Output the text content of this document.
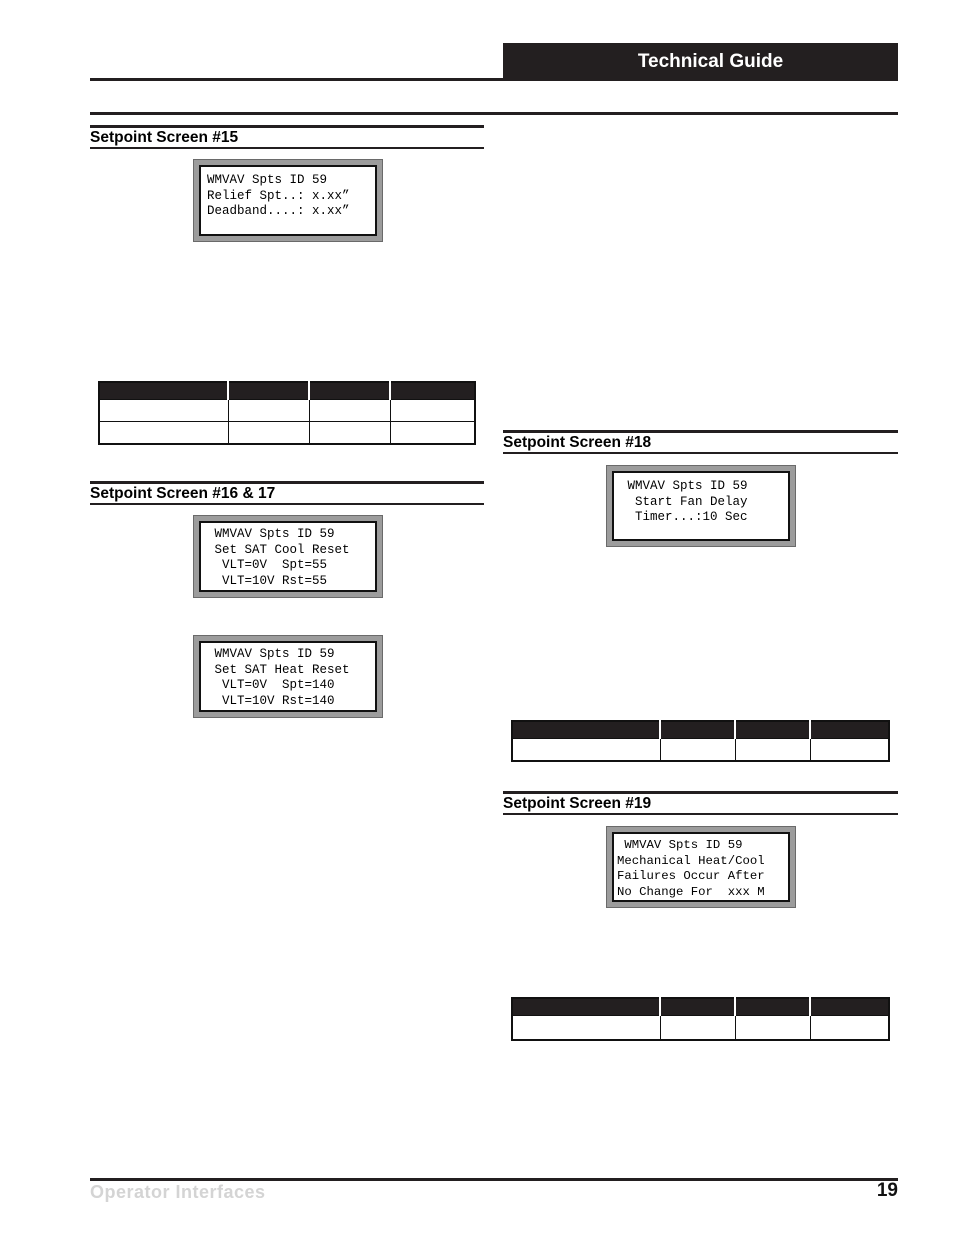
Technical Guide
Setpoint Screen #15
WMVAV Spts ID 59
Relief Spt..: x.xx”
Deadband....: x.xx”

Setpoint Screen #16 & 17
WMVAV Spts ID 59
Set SAT Cool Reset
VLT=0V  Spt=55
VLT=10V Rst=55
WMVAV Spts ID 59
Set SAT Heat Reset
VLT=0V  Spt=140
VLT=10V Rst=140
Setpoint Screen #18
WMVAV Spts ID 59
Start Fan Delay
Timer...:10 Sec

Setpoint Screen #19
WMVAV Spts ID 59
Mechanical Heat/Cool
Failures Occur After
No Change For  xxx M

Operator Interfaces	19
